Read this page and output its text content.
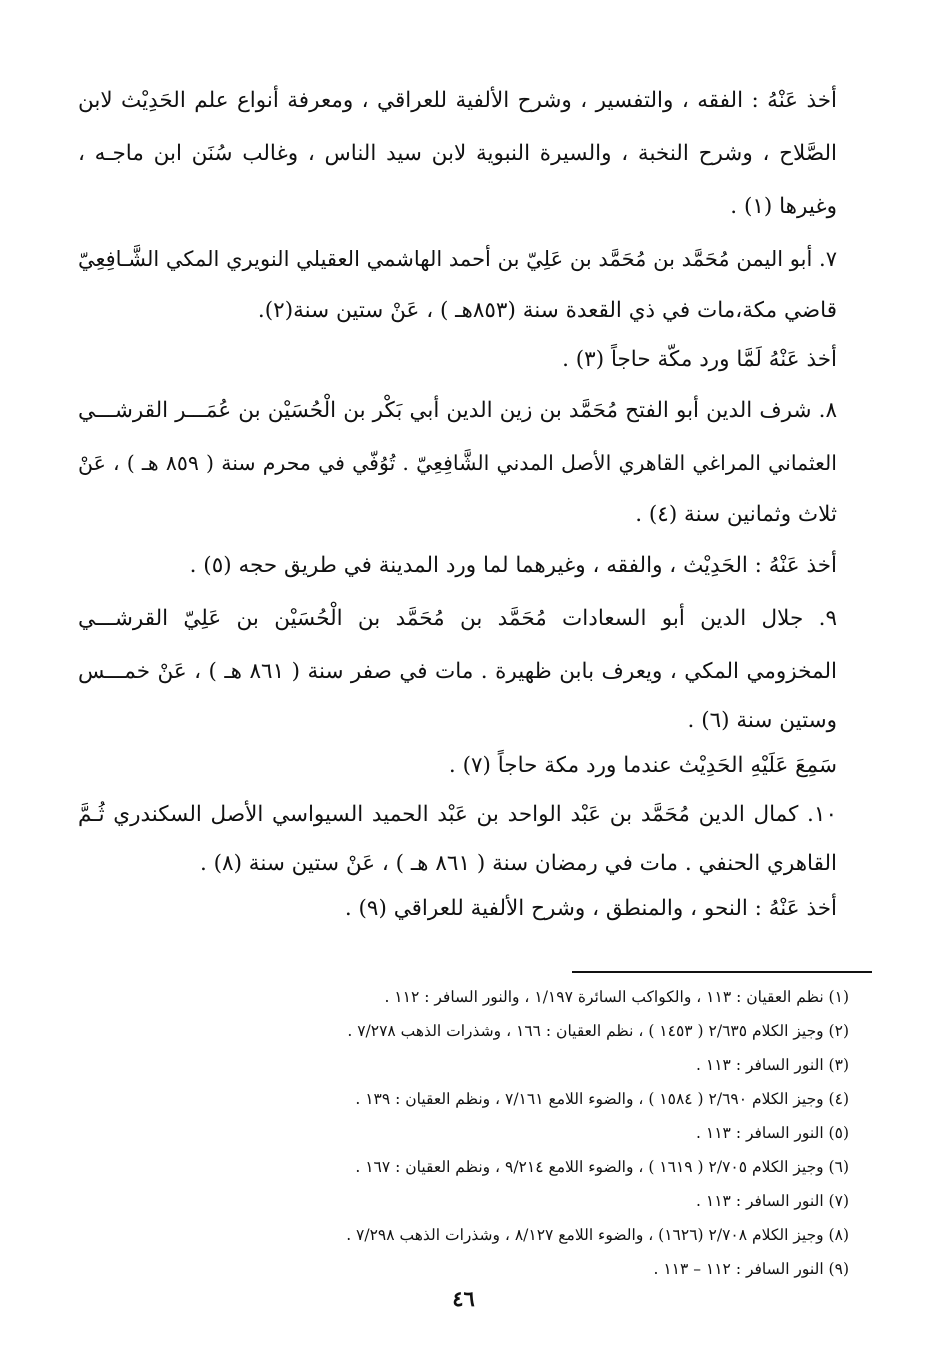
أخذ عَنْهُ : الفقه ، والتفسير ، وشرح الألفية للعراقي ، ومعرفة أنواع علم الحَدِيْث لابن
الصَّلاح ، وشرح النخبة ، والسيرة النبوية لابن سيد الناس ، وغالب سُنَن ابن ماجـه ،
وغيرها (١) .
٧. أبو اليمن مُحَمَّد بن مُحَمَّد بن عَلِيّ بن أحمد الهاشمي العقيلي النويري المكي الشَّـافِعِيّ
قاضي مكة،مات في ذي القعدة سنة (٨٥٣هـ ) ، عَنْ ستين سنة(٢).
أخذ عَنْهُ لَمَّا ورد مكّة حاجاً (٣) .
٨. شرف الدين أبو الفتح مُحَمَّد بن زين الدين أبي بَكْر بن الْحُسَيْن بن عُمَـــر القرشـــي
العثماني المراغي القاهري الأصل المدني الشَّافِعِيّ . تُوُفّي في محرم سنة ( ٨٥٩ هـ ) ، عَنْ
ثلاث وثمانين سنة (٤) .
أخذ عَنْهُ : الحَدِيْث ، والفقه ، وغيرهما لما ورد المدينة في طريق حجه (٥) .
٩. جلال الدين أبو السعادات مُحَمَّد بن مُحَمَّد بن الْحُسَيْن بن عَلِيّ القرشـــي
المخزومي المكي ، ويعرف بابن ظهيرة . مات في صفر سنة ( ٨٦١ هـ ) ، عَنْ خمـــس
وستين سنة (٦) .
سَمِعَ عَلَيْهِ الحَدِيْث عندما ورد مكة حاجاً (٧) .
١٠. كمال الدين مُحَمَّد بن عَبْد الواحد بن عَبْد الحميد السيواسي الأصل السكندري ثُـمَّ
القاهري الحنفي . مات في رمضان سنة ( ٨٦١ هـ ) ، عَنْ ستين سنة (٨) .
أخذ عَنْهُ : النحو ، والمنطق ، وشرح الألفية للعراقي (٩) .
(١) نظم العقيان : ١١٣ ، والكواكب السائرة ١/١٩٧ ، والنور السافر : ١١٢ .
(٢) وجيز الكلام ٢/٦٣٥ ( ١٤٥٣ ) ، نظم العقيان : ١٦٦ ، وشذرات الذهب ٧/٢٧٨ .
(٣) النور السافر : ١١٣ .
(٤) وجيز الكلام ٢/٦٩٠ ( ١٥٨٤ ) ، والضوء اللامع ٧/١٦١ ، ونظم العقيان : ١٣٩ .
(٥) النور السافر : ١١٣ .
(٦) وجيز الكلام ٢/٧٠٥ ( ١٦١٩ ) ، والضوء اللامع ٩/٢١٤ ، ونظم العقيان : ١٦٧ .
(٧) النور السافر : ١١٣ .
(٨) وجيز الكلام ٢/٧٠٨ (١٦٢٦) ، والضوء اللامع ٨/١٢٧ ، وشذرات الذهب ٧/٢٩٨ .
(٩) النور السافر : ١١٢ – ١١٣ .
٤٦
